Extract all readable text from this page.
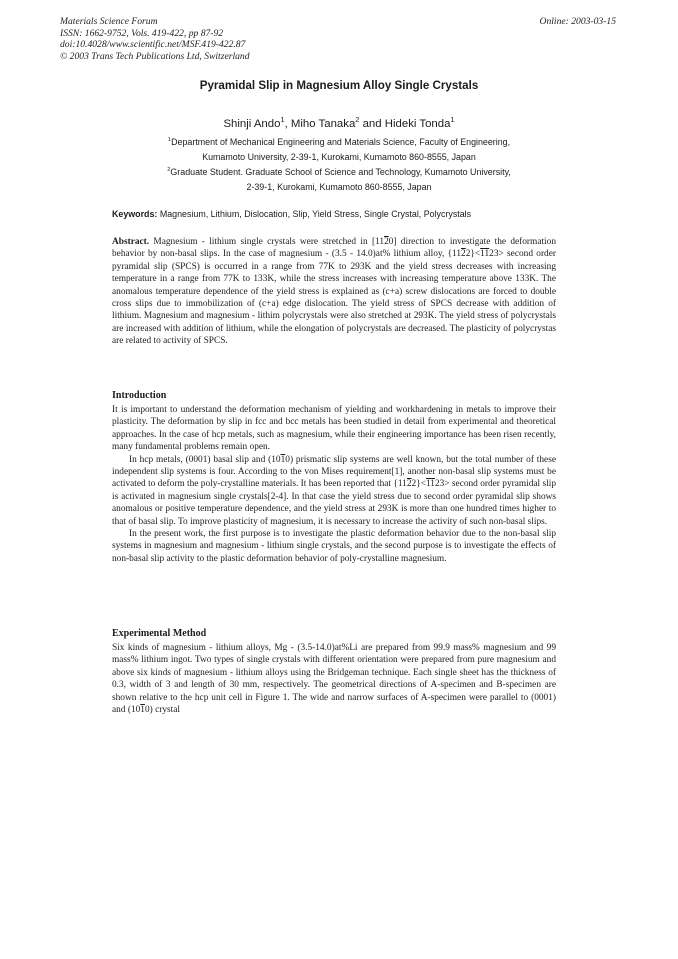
Materials Science Forum
ISSN: 1662-9752, Vols. 419-422, pp 87-92
doi:10.4028/www.scientific.net/MSF.419-422.87
© 2003 Trans Tech Publications Ltd, Switzerland
Online: 2003-03-15
Pyramidal Slip in Magnesium Alloy Single Crystals
Shinji Ando$^1$, Miho Tanaka$^2$ and Hideki Tonda$^1$
$^1$Department of Mechanical Engineering and Materials Science, Faculty of Engineering,
Kumamoto University, 2-39-1, Kurokami, Kumamoto 860-8555, Japan
$^2$Graduate Student. Graduate School of Science and Technology, Kumamoto University,
2-39-1, Kurokami, Kumamoto 860-8555, Japan
Keywords: Magnesium, Lithium, Dislocation, Slip, Yield Stress, Single Crystal, Polycrystals

Abstract. Magnesium - lithium single crystals were stretched in [1120] direction to investigate the deformation behavior by non-basal slips. In the case of magnesium - (3.5 - 14.0)at% lithium alloy, {1122}<1123> second order pyramidal slip (SPCS) is occurred in a range from 77K to 293K and the yield stress decreases with increasing temperature in a range from 77K to 133K, while the stress increases with increasing temperature above 133K. The anomalous temperature dependence of the yield stress is explained as (c+a) screw dislocations are forced to double cross slips due to immobilization of (c+a) edge dislocation. The yield stress of SPCS decrease with addition of lithium. Magnesium and magnesium - lithim polycrystals were also stretched at 293K. The yield stress of polycrystals are increased with addition of lithium, while the elongation of polycrystals are decreased. The plasticity of polycrystas are related to activity of SPCS.

Introduction

It is important to understand the deformation mechanism of yielding and workhardening in metals to improve their plasticity. The deformation by slip in fcc and bcc metals has been studied in detail from experimental and theoretical approaches. In the case of hcp metals, such as magnesium, while their engineering importance has been risen recently, many fundamental problems remain open.

In hcp metals, (0001) basal slip and (1010) prismatic slip systems are well known, but the total number of these independent slip systems is four. According to the von Mises requirement[1], another non-basal slip systems must be activated to deform the poly-crystalline materials. It has been reported that {1122}<1123> second order pyramidal slip is activated in magnesium single crystals[2-4]. In that case the yield stress due to second order pyramidal slip shows anomalous or positive temperature dependence, and the yield stress at 293K is more than one hundred times higher to that of basal slip. To improve plasticity of magnesium, it is necessary to increase the activity of such non-basal slips.

In the present work, the first purpose is to investigate the plastic deformation behavior due to the non-basal slip systems in magnesium and magnesium - lithium single crystals, and the second purpose is to investigate the effects of non-basal slip activity to the plastic deformation behavior of poly-crystalline magnesium.

Experimental Method

Six kinds of magnesium - lithium alloys, Mg - (3.5-14.0)at%Li are prepared from 99.9 mass% magnesium and 99 mass% lithium ingot. Two types of single crystals with different orientation were prepared from pure magnesium and above six kinds of magnesium - lithium alloys using the Bridgeman technique. Each single sheet has the thickness of 0.3, width of 3 and length of 30 mm, respectively. The geometrical directions of A-specimen and B-specimen are shown relative to the hcp unit cell in Figure 1. The wide and narrow surfaces of A-specimen were parallel to (0001) and (1010) crystal
